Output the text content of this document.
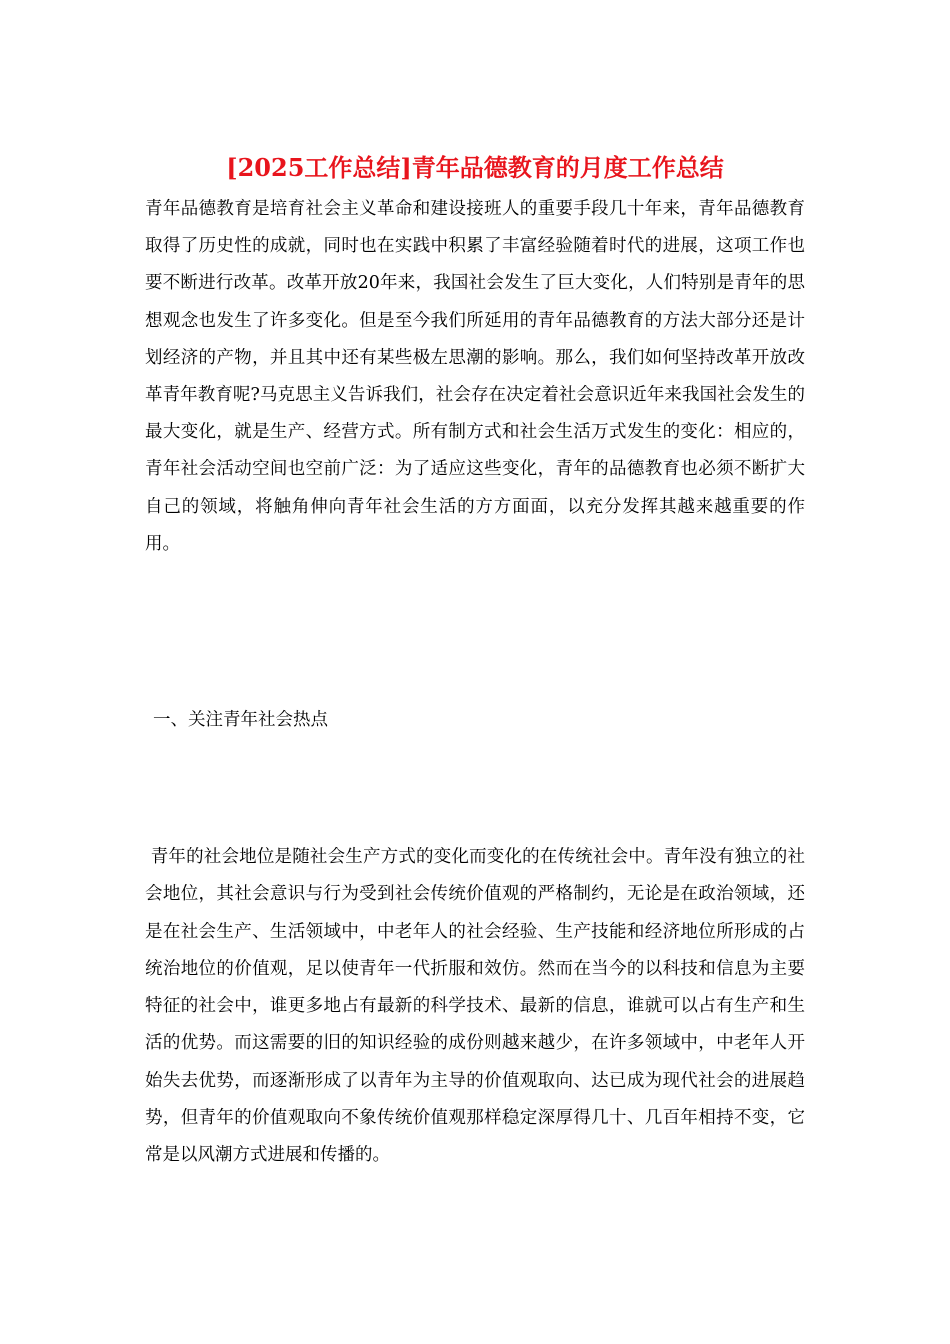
[2025工作总结]青年品德教育的月度工作总结

青年品德教育是培育社会主义革命和建设接班人的重要手段几十年来，青年品德教育取得了历史性的成就，同时也在实践中积累了丰富经验随着时代的进展，这项工作也要不断进行改革。改革开放20年来，我国社会发生了巨大变化，人们特别是青年的思想观念也发生了许多变化。但是至今我们所延用的青年品德教育的方法大部分还是计划经济的产物，并且其中还有某些极左思潮的影响。那么，我们如何坚持改革开放改革青年教育呢?马克思主义告诉我们，社会存在决定着社会意识近年来我国社会发生的最大变化，就是生产、经营方式。所有制方式和社会生活万式发生的变化：相应的，青年社会活动空间也空前广泛：为了适应这些变化，青年的品德教育也必须不断扩大自己的领域，将触角伸向青年社会生活的方方面面，以充分发挥其越来越重要的作用。

一、关注青年社会热点

青年的社会地位是随社会生产方式的变化而变化的在传统社会中。青年没有独立的社会地位，其社会意识与行为受到社会传统价值观的严格制约，无论是在政治领域，还是在社会生产、生活领域中，中老年人的社会经验、生产技能和经济地位所形成的占统治地位的价值观，足以使青年一代折服和效仿。然而在当今的以科技和信息为主要特征的社会中，谁更多地占有最新的科学技术、最新的信息，谁就可以占有生产和生活的优势。而这需要的旧的知识经验的成份则越来越少，在许多领域中，中老年人开始失去优势，而逐渐形成了以青年为主导的价值观取向、达已成为现代社会的进展趋势，但青年的价值观取向不象传统价值观那样稳定深厚得几十、几百年相持不变，它常是以风潮方式进展和传播的。
